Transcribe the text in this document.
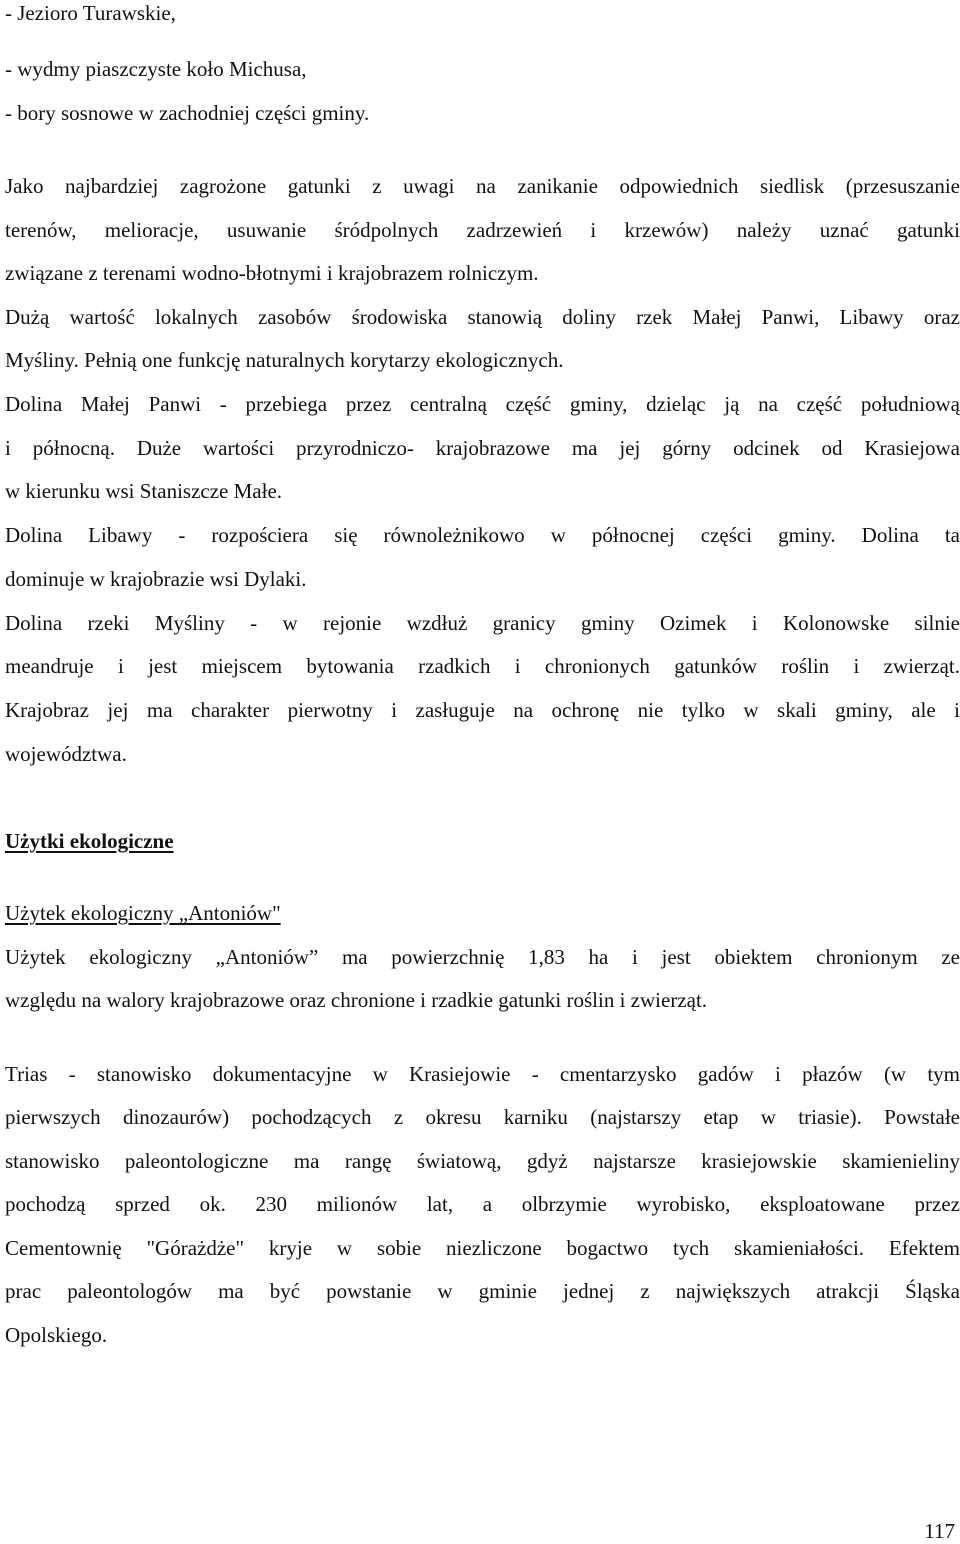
- Jezioro Turawskie,
- wydmy piaszczyste koło Michusa,
- bory sosnowe w zachodniej części gminy.
Jako najbardziej zagrożone gatunki z uwagi na zanikanie odpowiednich siedlisk (przesuszanie
terenów, melioracje, usuwanie śródpolnych zadrzewień i krzewów) należy uznać gatunki
związane z terenami wodno-błotnymi i krajobrazem rolniczym.
Dużą wartość lokalnych zasobów środowiska stanowią doliny rzek Małej Panwi, Libawy oraz
Myśliny. Pełnią one funkcję naturalnych korytarzy ekologicznych.
Dolina Małej Panwi - przebiega przez centralną część gminy, dzieląc ją na część południową
i północną. Duże wartości przyrodniczo- krajobrazowe ma jej górny odcinek od Krasiejowa
w kierunku wsi Staniszcze Małe.
Dolina Libawy - rozpościera się równoleżnikowo w północnej części gminy. Dolina ta
dominuje w krajobrazie wsi Dylaki.
Dolina rzeki Myśliny - w rejonie wzdłuż granicy gminy Ozimek i Kolonowske silnie
meandruje i jest miejscem bytowania rzadkich i chronionych gatunków roślin i zwierząt.
Krajobraz jej ma charakter pierwotny i zasługuje na ochronę nie tylko w skali gminy, ale i
województwa.
Użytki ekologiczne
Użytek ekologiczny „Antoniów"
Użytek ekologiczny „Antoniów” ma powierzchnię 1,83 ha i jest obiektem chronionym ze
względu na walory krajobrazowe oraz chronione i rzadkie gatunki roślin i zwierząt.
Trias - stanowisko dokumentacyjne w Krasiejowie - cmentarzysko gadów i płazów (w tym
pierwszych dinozaurów) pochodzących z okresu karniku (najstarszy etap w triasie). Powstałe
stanowisko paleontologiczne ma rangę światową, gdyż najstarsze krasiejowskie skamienieliny
pochodzą sprzed ok. 230 milionów lat, a olbrzymie wyrobisko, eksploatowane przez
Cementownię "Górażdże" kryje w sobie niezliczone bogactwo tych skamieniałości. Efektem
prac paleontologów ma być powstanie w gminie jednej z największych atrakcji Śląska
Opolskiego.
117
